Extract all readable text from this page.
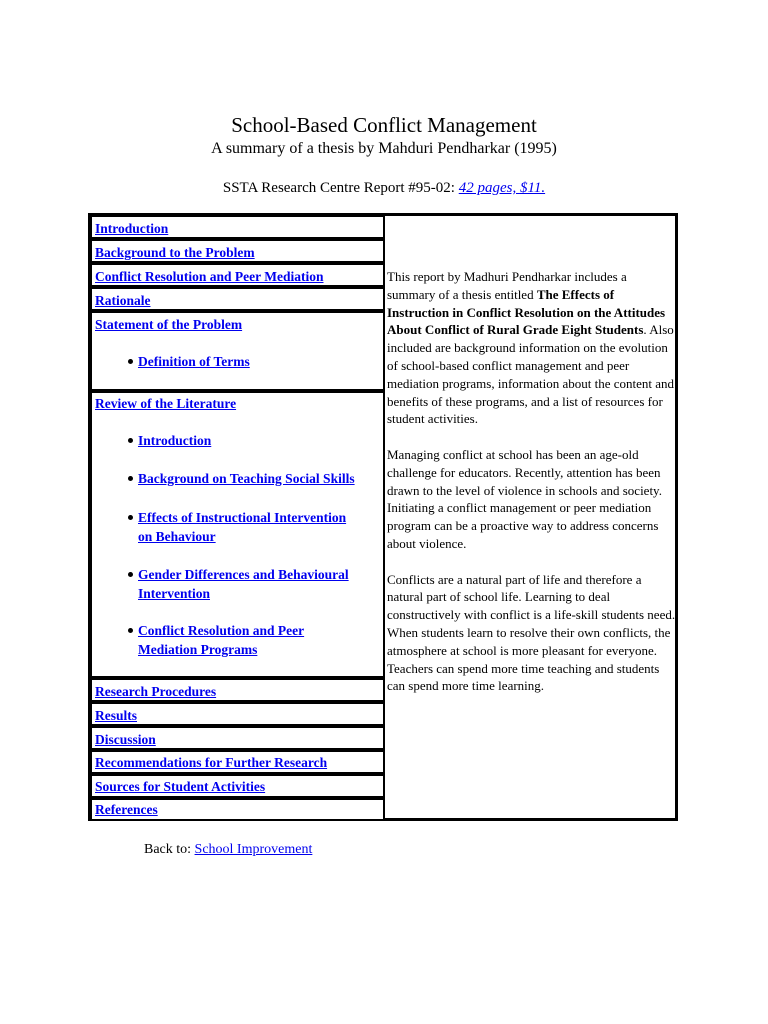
School-Based Conflict Management
A summary of a thesis by Mahduri Pendharkar (1995)
SSTA Research Centre Report #95-02: 42 pages, $11.
Introduction
Background to the Problem
Conflict Resolution and Peer Mediation
Rationale
Statement of the Problem
Definition of Terms
Review of the Literature
Introduction
Background on Teaching Social Skills
Effects of Instructional Intervention
on Behaviour
Gender Differences and Behavioural
Intervention
Conflict Resolution and Peer
Mediation Programs
Research Procedures
Results
Discussion
Recommendations for Further Research
Sources for Student Activities
References

This report by Madhuri Pendharkar includes a summary of a thesis entitled The Effects of Instruction in Conflict Resolution on the Attitudes About Conflict of Rural Grade Eight Students. Also included are background information on the evolution of school-based conflict management and peer mediation programs, information about the content and benefits of these programs, and a list of resources for student activities.

Managing conflict at school has been an age-old challenge for educators. Recently, attention has been drawn to the level of violence in schools and society. Initiating a conflict management or peer mediation program can be a proactive way to address concerns about violence.

Conflicts are a natural part of life and therefore a natural part of school life. Learning to deal constructively with conflict is a life-skill students need. When students learn to resolve their own conflicts, the atmosphere at school is more pleasant for everyone. Teachers can spend more time teaching and students can spend more time learning.

Back to: School Improvement
